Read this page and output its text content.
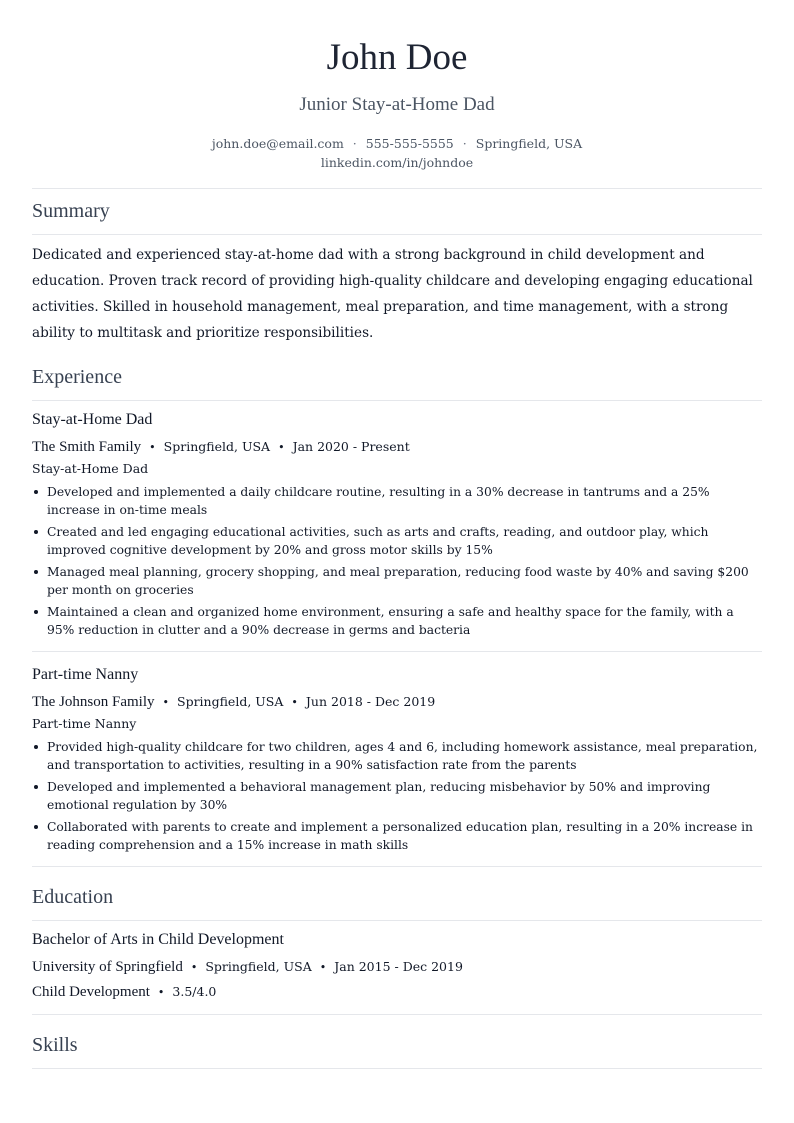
John Doe
Junior Stay-at-Home Dad
john.doe@email.com · 555-555-5555 · Springfield, USA
linkedin.com/in/johndoe
Summary

Dedicated and experienced stay-at-home dad with a strong background in child development and education. Proven track record of providing high-quality childcare and developing engaging educational activities. Skilled in household management, meal preparation, and time management, with a strong ability to multitask and prioritize responsibilities.

Experience
Stay-at-Home Dad
The Smith Family • Springfield, USA • Jan 2020 - Present
Stay-at-Home Dad
Developed and implemented a daily childcare routine, resulting in a 30% decrease in tantrums and a 25% increase in on-time meals
Created and led engaging educational activities, such as arts and crafts, reading, and outdoor play, which improved cognitive development by 20% and gross motor skills by 15%
Managed meal planning, grocery shopping, and meal preparation, reducing food waste by 40% and saving $200 per month on groceries
Maintained a clean and organized home environment, ensuring a safe and healthy space for the family, with a 95% reduction in clutter and a 90% decrease in germs and bacteria
Part-time Nanny
The Johnson Family • Springfield, USA • Jun 2018 - Dec 2019
Part-time Nanny
Provided high-quality childcare for two children, ages 4 and 6, including homework assistance, meal preparation, and transportation to activities, resulting in a 90% satisfaction rate from the parents
Developed and implemented a behavioral management plan, reducing misbehavior by 50% and improving emotional regulation by 30%
Collaborated with parents to create and implement a personalized education plan, resulting in a 20% increase in reading comprehension and a 15% increase in math skills
Education
Bachelor of Arts in Child Development
University of Springfield • Springfield, USA • Jan 2015 - Dec 2019
Child Development • 3.5/4.0
Skills
